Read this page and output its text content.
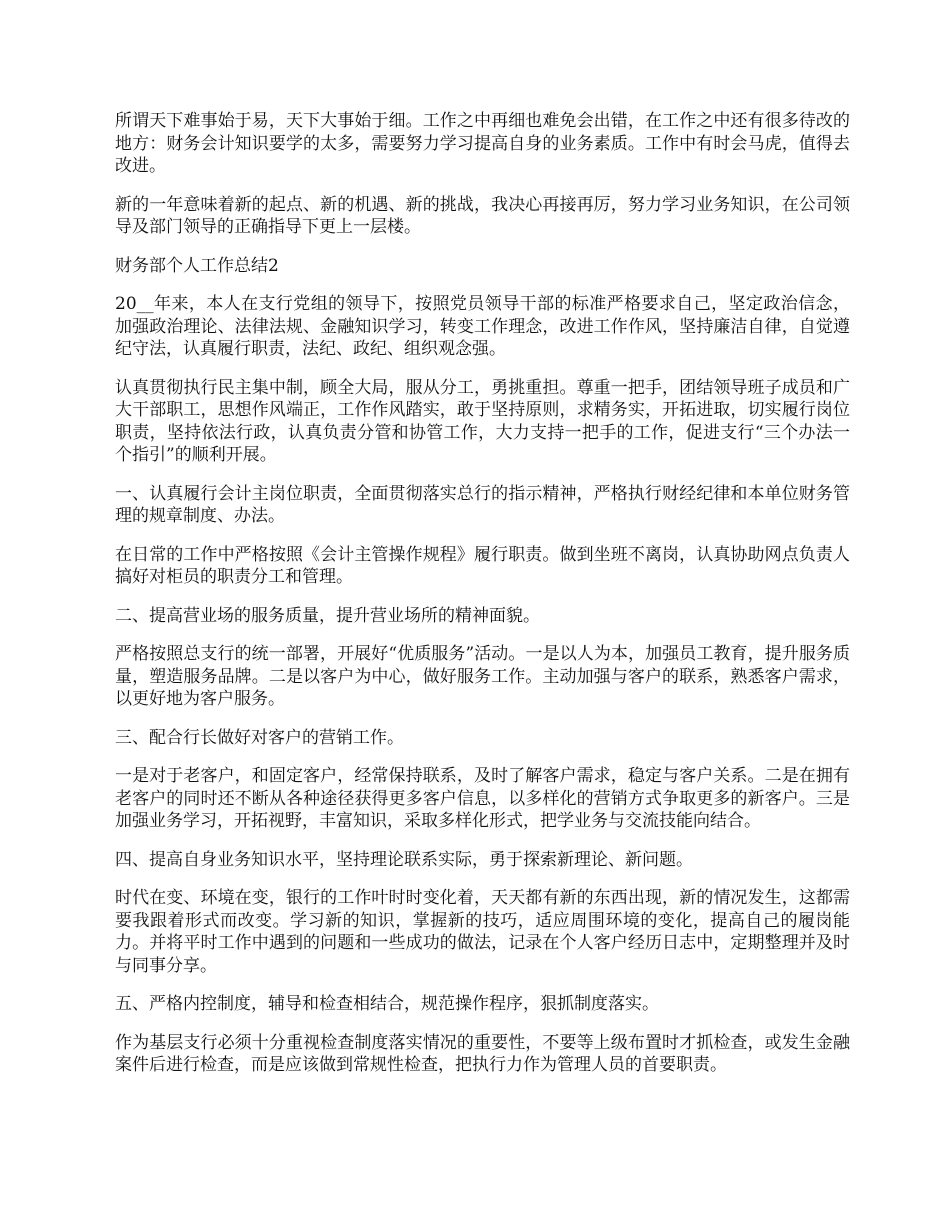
所谓天下难事始于易，天下大事始于细。工作之中再细也难免会出错，在工作之中还有很多待改的地方：财务会计知识要学的太多，需要努力学习提高自身的业务素质。工作中有时会马虎，值得去改进。

新的一年意味着新的起点、新的机遇、新的挑战，我决心再接再厉，努力学习业务知识，在公司领导及部门领导的正确指导下更上一层楼。

财务部个人工作总结2

20__年来，本人在支行党组的领导下，按照党员领导干部的标准严格要求自己，坚定政治信念，加强政治理论、法律法规、金融知识学习，转变工作理念，改进工作作风，坚持廉洁自律，自觉遵纪守法，认真履行职责，法纪、政纪、组织观念强。

认真贯彻执行民主集中制，顾全大局，服从分工，勇挑重担。尊重一把手，团结领导班子成员和广大干部职工，思想作风端正，工作作风踏实，敢于坚持原则，求精务实，开拓进取，切实履行岗位职责，坚持依法行政，认真负责分管和协管工作，大力支持一把手的工作，促进支行“三个办法一个指引”的顺利开展。

一、认真履行会计主岗位职责，全面贯彻落实总行的指示精神，严格执行财经纪律和本单位财务管理的规章制度、办法。

在日常的工作中严格按照《会计主管操作规程》履行职责。做到坐班不离岗，认真协助网点负责人搞好对柜员的职责分工和管理。

二、提高营业场的服务质量，提升营业场所的精神面貌。

严格按照总支行的统一部署，开展好“优质服务”活动。一是以人为本，加强员工教育，提升服务质量，塑造服务品牌。二是以客户为中心，做好服务工作。主动加强与客户的联系，熟悉客户需求，以更好地为客户服务。

三、配合行长做好对客户的营销工作。

一是对于老客户，和固定客户，经常保持联系，及时了解客户需求，稳定与客户关系。二是在拥有老客户的同时还不断从各种途径获得更多客户信息，以多样化的营销方式争取更多的新客户。三是加强业务学习，开拓视野，丰富知识，采取多样化形式，把学业务与交流技能向结合。

四、提高自身业务知识水平，坚持理论联系实际，勇于探索新理论、新问题。

时代在变、环境在变，银行的工作叶时时变化着，天天都有新的东西出现，新的情况发生，这都需要我跟着形式而改变。学习新的知识，掌握新的技巧，适应周围环境的变化，提高自己的履岗能力。并将平时工作中遇到的问题和一些成功的做法，记录在个人客户经历日志中，定期整理并及时与同事分享。

五、严格内控制度，辅导和检查相结合，规范操作程序，狠抓制度落实。

作为基层支行必须十分重视检查制度落实情况的重要性，不要等上级布置时才抓检查，或发生金融案件后进行检查，而是应该做到常规性检查，把执行力作为管理人员的首要职责。
